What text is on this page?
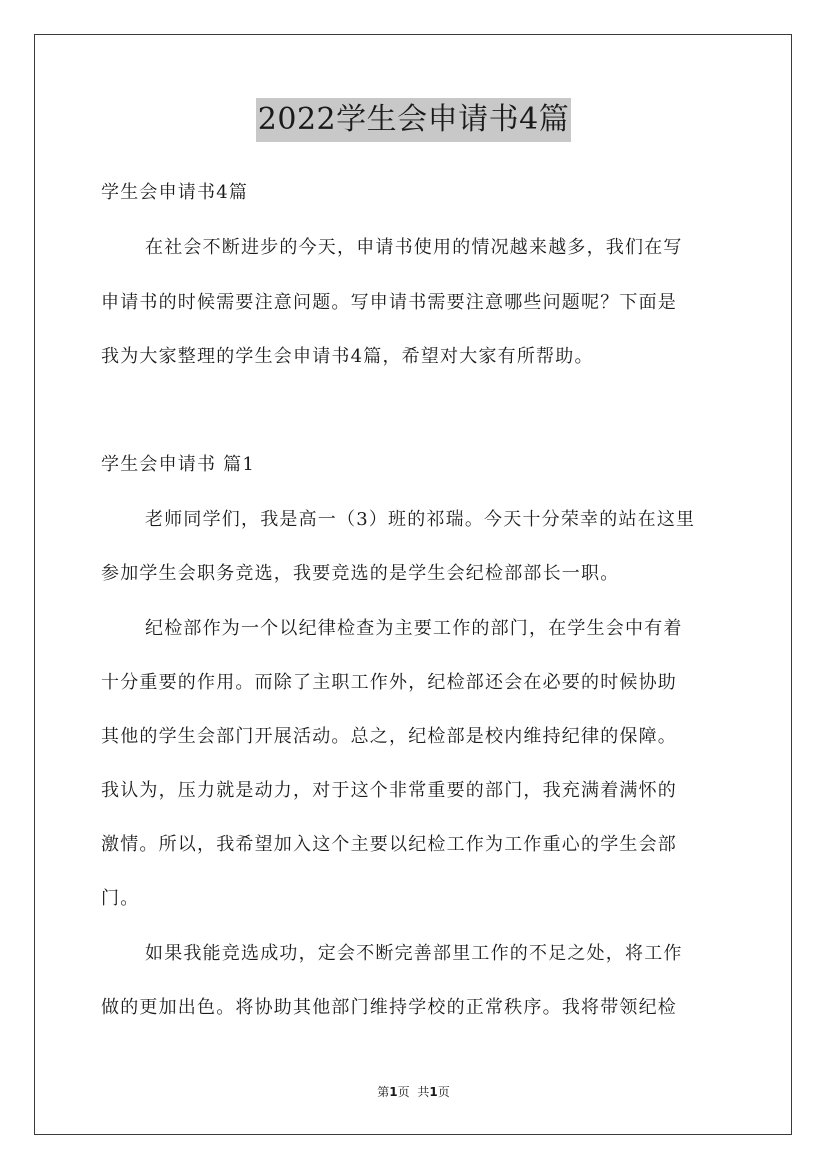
2022学生会申请书4篇
学生会申请书4篇
在社会不断进步的今天，申请书使用的情况越来越多，我们在写
申请书的时候需要注意问题。写申请书需要注意哪些问题呢？下面是
我为大家整理的学生会申请书4篇，希望对大家有所帮助。
学生会申请书 篇1
老师同学们，我是高一（3）班的祁瑞。今天十分荣幸的站在这里
参加学生会职务竞选，我要竞选的是学生会纪检部部长一职。
纪检部作为一个以纪律检查为主要工作的部门，在学生会中有着
十分重要的作用。而除了主职工作外，纪检部还会在必要的时候协助
其他的学生会部门开展活动。总之，纪检部是校内维持纪律的保障。
我认为，压力就是动力，对于这个非常重要的部门，我充满着满怀的
激情。所以，我希望加入这个主要以纪检工作为工作重心的学生会部
门。
如果我能竞选成功，定会不断完善部里工作的不足之处，将工作
做的更加出色。将协助其他部门维持学校的正常秩序。我将带领纪检
第1页 共1页
